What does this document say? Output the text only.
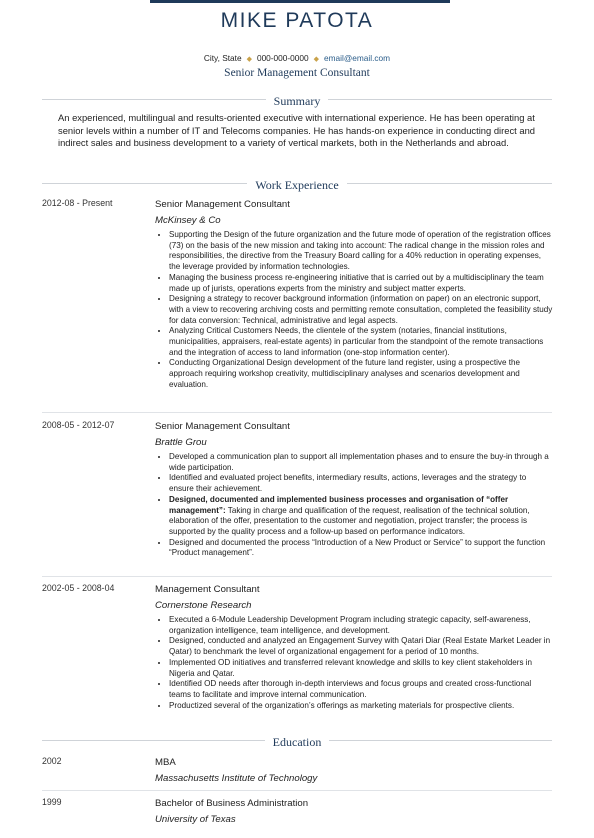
MIKE PATOTA
City, State ◆ 000-000-0000 ◆ email@email.com
Senior Management Consultant
Summary
An experienced, multilingual and results-oriented executive with international experience. He has been operating at senior levels within a number of IT and Telecoms companies. He has hands-on experience in conducting direct and indirect sales and business development to a variety of vertical markets, both in the Netherlands and abroad.
Work Experience
2012-08 - Present	Senior Management Consultant
McKinsey & Co
• Supporting the Design of the future organization and the future mode of operation of the registration offices (73) on the basis of the new mission and taking into account: The radical change in the mission roles and responsibilities, the directive from the Treasury Board calling for a 40% reduction in operating expenses, the leverage provided by information technologies.
• Managing the business process re-engineering initiative that is carried out by a multidisciplinary the team made up of jurists, operations experts from the ministry and subject matter experts.
• Designing a strategy to recover background information (information on paper) on an electronic support, with a view to recovering archiving costs and permitting remote consultation, completed the feasibility study for data conversion: Technical, administrative and legal aspects.
• Analyzing Critical Customers Needs, the clientele of the system (notaries, financial institutions, municipalities, appraisers, real-estate agents) in particular from the standpoint of the remote transactions and the integration of access to land information (one-stop information center).
• Conducting Organizational Design development of the future land register, using a prospective the approach requiring workshop creativity, multidisciplinary analyses and scenarios development and evaluation.
2008-05 - 2012-07	Senior Management Consultant
Brattle Grou
• Developed a communication plan to support all implementation phases and to ensure the buy-in through a wide participation.
• Identified and evaluated project benefits, intermediary results, actions, leverages and the strategy to ensure their achievement.
• Designed, documented and implemented business processes and organisation of “offer management”: Taking in charge and qualification of the request, realisation of the technical solution, elaboration of the offer, presentation to the customer and negotiation, project transfer; the process is supported by the quality process and a follow-up based on performance indicators.
• Designed and documented the process “Introduction of a New Product or Service” to support the function “Product management”.
2002-05 - 2008-04	Management Consultant
Cornerstone Research
• Executed a 6-Module Leadership Development Program including strategic capacity, self-awareness, organization intelligence, team intelligence, and development.
• Designed, conducted and analyzed an Engagement Survey with Qatari Diar (Real Estate Market Leader in Qatar) to benchmark the level of organizational engagement for a period of 10 months.
• Implemented OD initiatives and transferred relevant knowledge and skills to key client stakeholders in Nigeria and Qatar.
• Identified OD needs after thorough in-depth interviews and focus groups and created cross-functional teams to facilitate and improve internal communication.
• Productized several of the organization’s offerings as marketing materials for prospective clients.
Education
2002	MBA
Massachusetts Institute of Technology
1999	Bachelor of Business Administration
University of Texas
